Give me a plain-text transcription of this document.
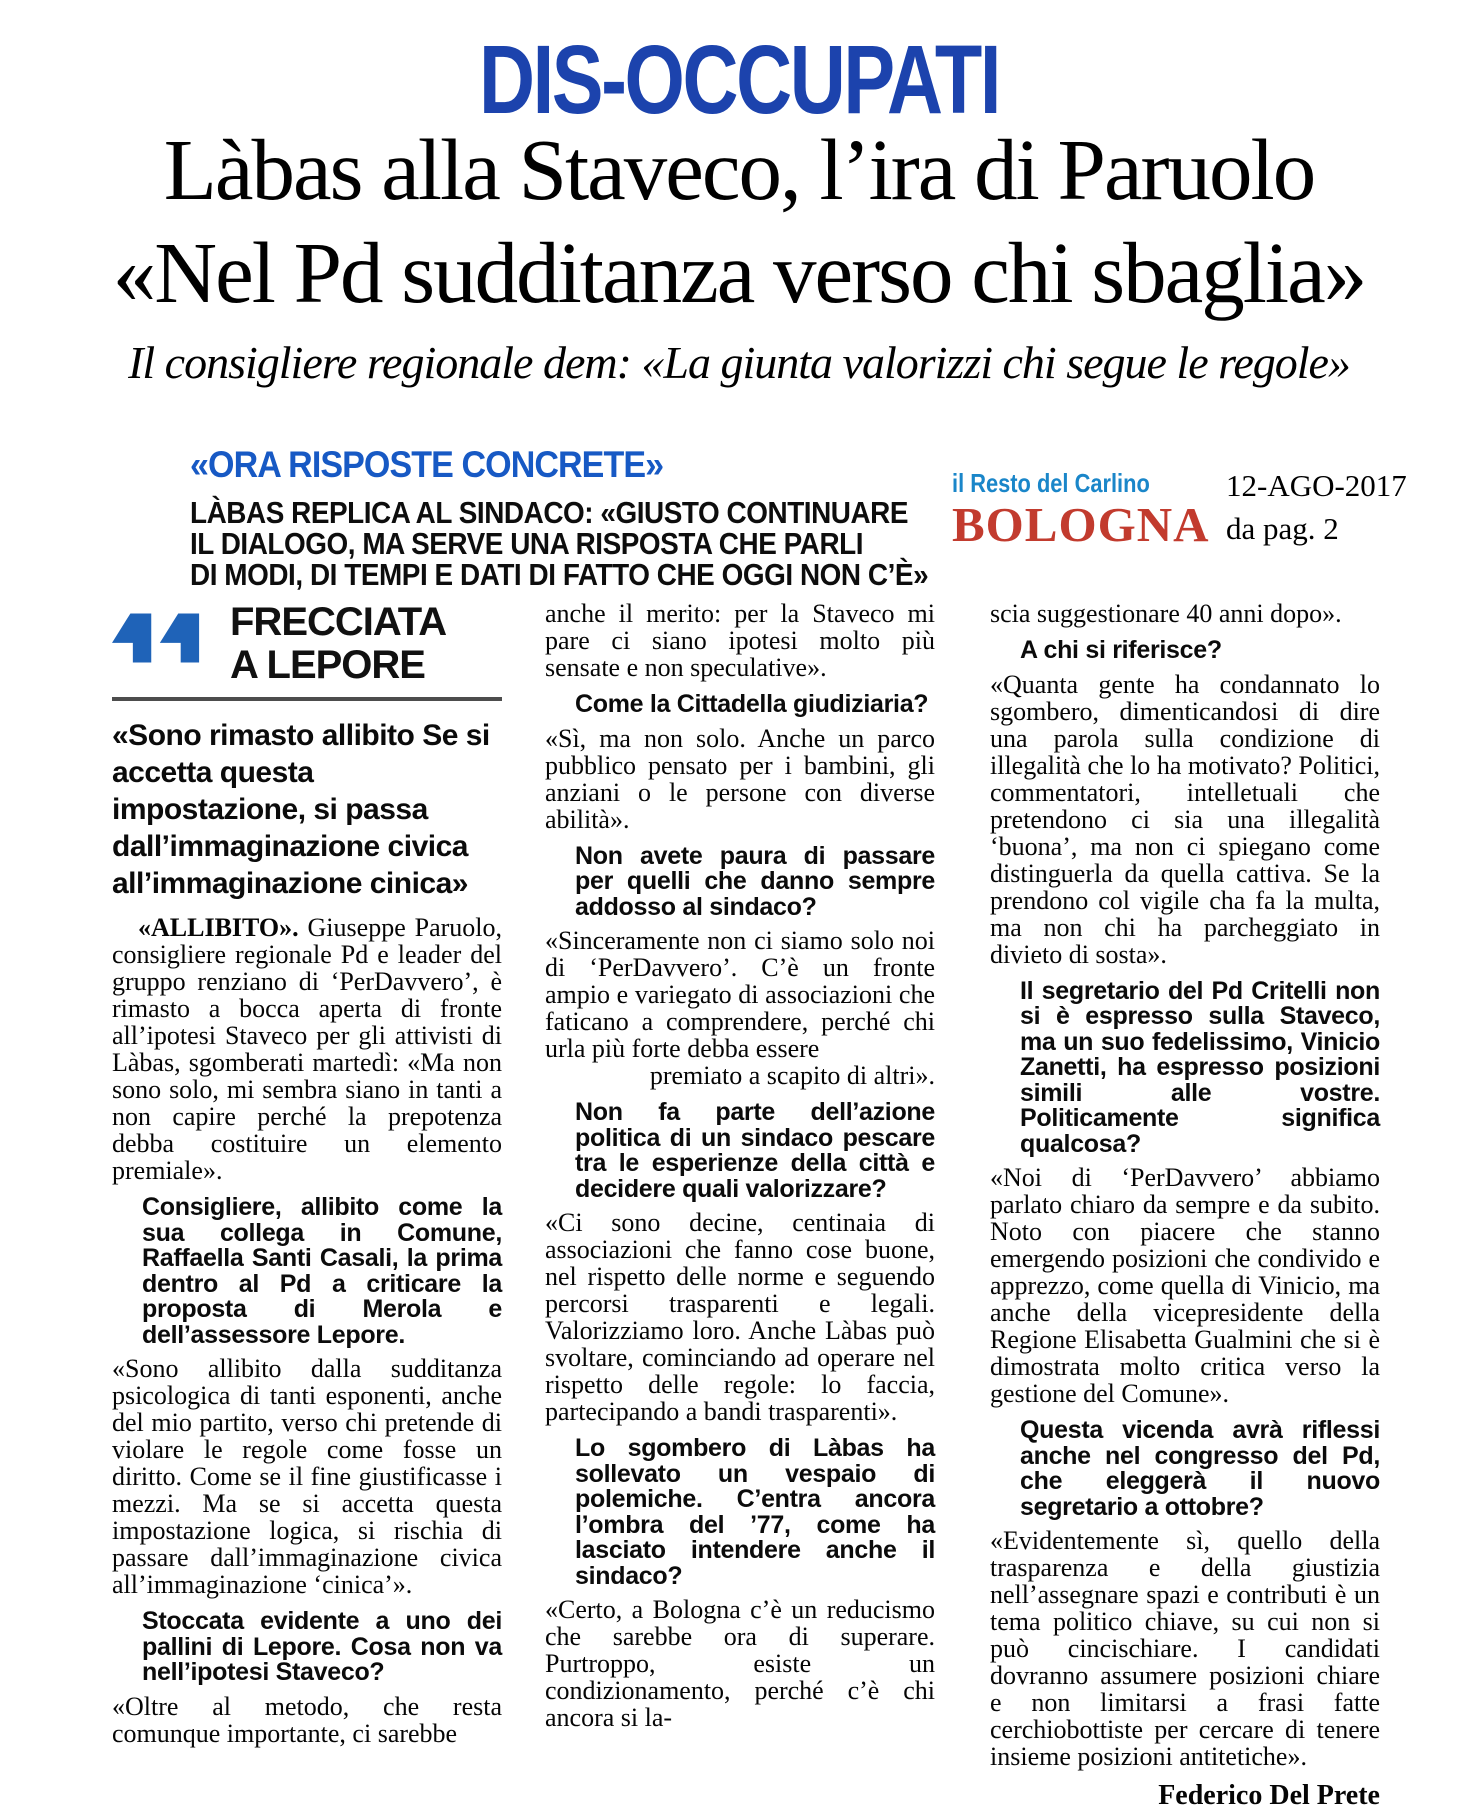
DIS-OCCUPATI
Làbas alla Staveco, l’ira di Paruolo
«Nel Pd sudditanza verso chi sbaglia»
Il consigliere regionale dem: «La giunta valorizzi chi segue le regole»
«ORA RISPOSTE CONCRETE»
LÀBAS REPLICA AL SINDACO: «GIUSTO CONTINUARE
IL DIALOGO, MA SERVE UNA RISPOSTA CHE PARLI
DI MODI, DI TEMPI E DATI DI FATTO CHE OGGI NON C’È»
il Resto del Carlino
BOLOGNA
12-AGO-2017
da pag. 2
FRECCIATA
A LEPORE

«Sono rimasto allibito Se si accetta questa impostazione, si passa dall’immaginazione civica all’immaginazione cinica»

«ALLIBITO». Giuseppe Paruolo, consigliere regionale Pd e leader del gruppo renziano di ‘PerDavvero’, è rimasto a bocca aperta di fronte all’ipotesi Staveco per gli attivisti di Làbas, sgomberati martedì: «Ma non sono solo, mi sembra siano in tanti a non capire perché la prepotenza debba costituire un elemento premiale».

Consigliere, allibito come la sua collega in Comune, Raffaella Santi Casali, la prima dentro al Pd a criticare la proposta di Merola e dell’assessore Lepore.

«Sono allibito dalla sudditanza psicologica di tanti esponenti, anche del mio partito, verso chi pretende di violare le regole come fosse un diritto. Come se il fine giustificasse i mezzi. Ma se si accetta questa impostazione logica, si rischia di passare dall’immaginazione civica all’immaginazione ‘cinica’».

Stoccata evidente a uno dei pallini di Lepore. Cosa non va nell’ipotesi Staveco?

«Oltre al metodo, che resta comunque importante, ci sarebbe

anche il merito: per la Staveco mi pare ci siano ipotesi molto più sensate e non speculative».

Come la Cittadella giudiziaria?

«Sì, ma non solo. Anche un parco pubblico pensato per i bambini, gli anziani o le persone con diverse abilità».

Non avete paura di passare per quelli che danno sempre addosso al sindaco?

«Sinceramente non ci siamo solo noi di ‘PerDavvero’. C’è un fronte ampio e variegato di associazioni che faticano a comprendere, perché chi urla più forte debba essere
premiato a scapito di altri».

Non fa parte dell’azione politica di un sindaco pescare tra le esperienze della città e decidere quali valorizzare?

«Ci sono decine, centinaia di associazioni che fanno cose buone, nel rispetto delle norme e seguendo percorsi trasparenti e legali. Valorizziamo loro. Anche Làbas può svoltare, cominciando ad operare nel rispetto delle regole: lo faccia, partecipando a bandi trasparenti».

Lo sgombero di Làbas ha sollevato un vespaio di polemiche. C’entra ancora l’ombra del ’77, come ha lasciato intendere anche il sindaco?

«Certo, a Bologna c’è un reducismo che sarebbe ora di superare. Purtroppo, esiste un condizionamento, perché c’è chi ancora si la-

scia suggestionare 40 anni dopo».

A chi si riferisce?

«Quanta gente ha condannato lo sgombero, dimenticandosi di dire una parola sulla condizione di illegalità che lo ha motivato? Politici, commentatori, intelletuali che pretendono ci sia una illegalità ‘buona’, ma non ci spiegano come distinguerla da quella cattiva. Se la prendono col vigile cha fa la multa, ma non chi ha parcheggiato in divieto di sosta».

Il segretario del Pd Critelli non si è espresso sulla Staveco, ma un suo fedelissimo, Vinicio Zanetti, ha espresso posizioni simili alle vostre. Politicamente significa qualcosa?

«Noi di ‘PerDavvero’ abbiamo parlato chiaro da sempre e da subito. Noto con piacere che stanno emergendo posizioni che condivido e apprezzo, come quella di Vinicio, ma anche della vicepresidente della Regione Elisabetta Gualmini che si è dimostrata molto critica verso la gestione del Comune».

Questa vicenda avrà riflessi anche nel congresso del Pd, che eleggerà il nuovo segretario a ottobre?

«Evidentemente sì, quello della trasparenza e della giustizia nell’assegnare spazi e contributi è un tema politico chiave, su cui non si può cincischiare. I candidati dovranno assumere posizioni chiare e non limitarsi a frasi fatte cerchiobottiste per cercare di tenere insieme posizioni antitetiche».

Federico Del Prete
